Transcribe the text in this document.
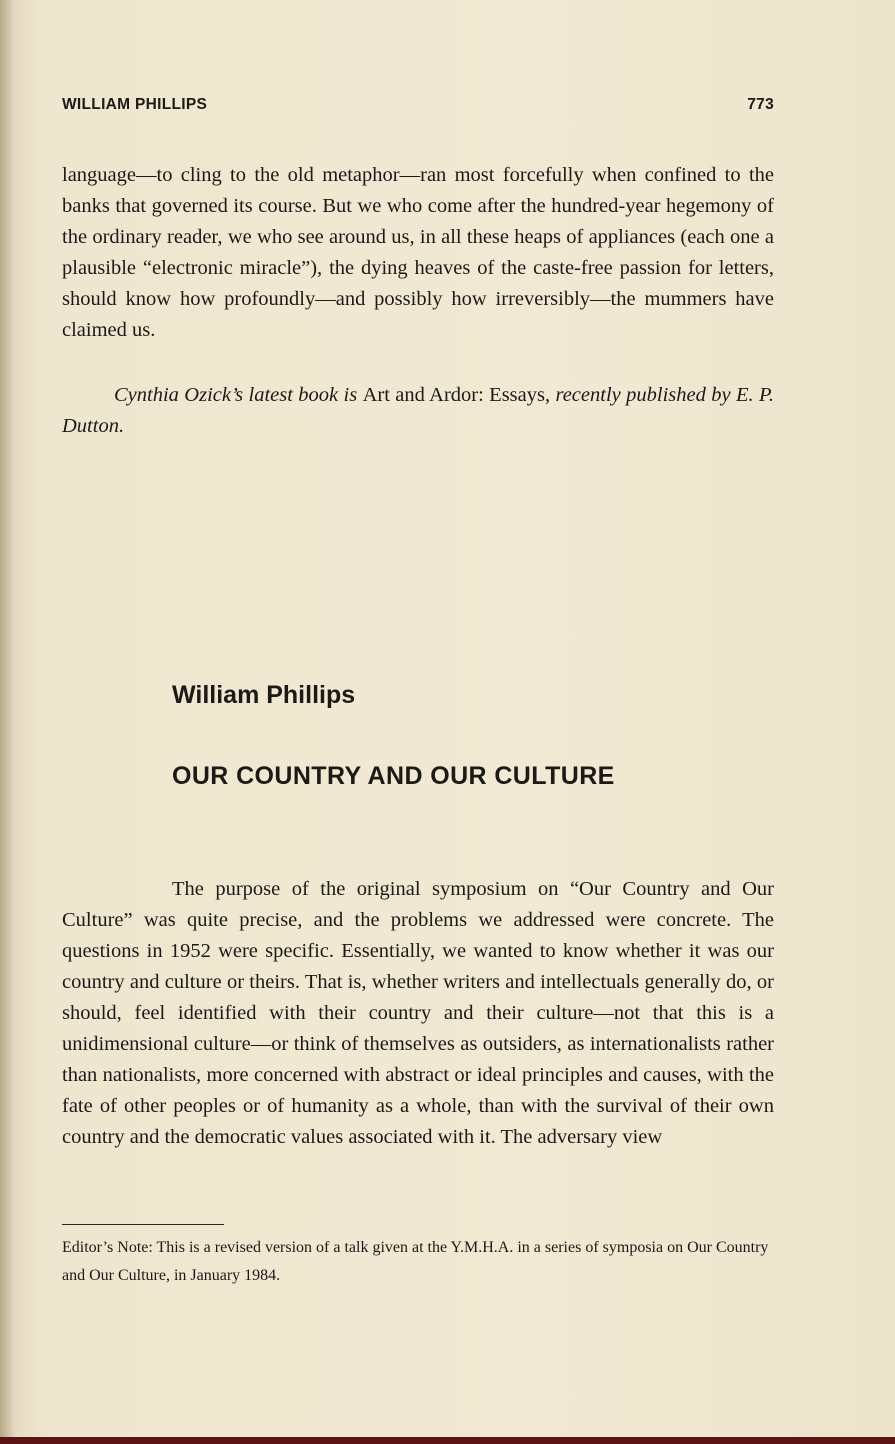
WILLIAM PHILLIPS	773

language—to cling to the old metaphor—ran most forcefully when confined to the banks that governed its course. But we who come after the hundred-year hegemony of the ordinary reader, we who see around us, in all these heaps of appliances (each one a plausible “electronic miracle”), the dying heaves of the caste-free passion for letters, should know how profoundly—and possibly how irreversibly—the mummers have claimed us.

Cynthia Ozick’s latest book is Art and Ardor: Essays, recently published by E. P. Dutton.
William Phillips
OUR COUNTRY AND OUR CULTURE

The purpose of the original symposium on “Our Country and Our Culture” was quite precise, and the problems we addressed were concrete. The questions in 1952 were specific. Essentially, we wanted to know whether it was our country and culture or theirs. That is, whether writers and intellectuals generally do, or should, feel identified with their country and their culture—not that this is a unidimensional culture—or think of themselves as outsiders, as internationalists rather than nationalists, more concerned with abstract or ideal principles and causes, with the fate of other peoples or of humanity as a whole, than with the survival of their own country and the democratic values associated with it. The adversary view

Editor’s Note: This is a revised version of a talk given at the Y.M.H.A. in a series of symposia on Our Country and Our Culture, in January 1984.
